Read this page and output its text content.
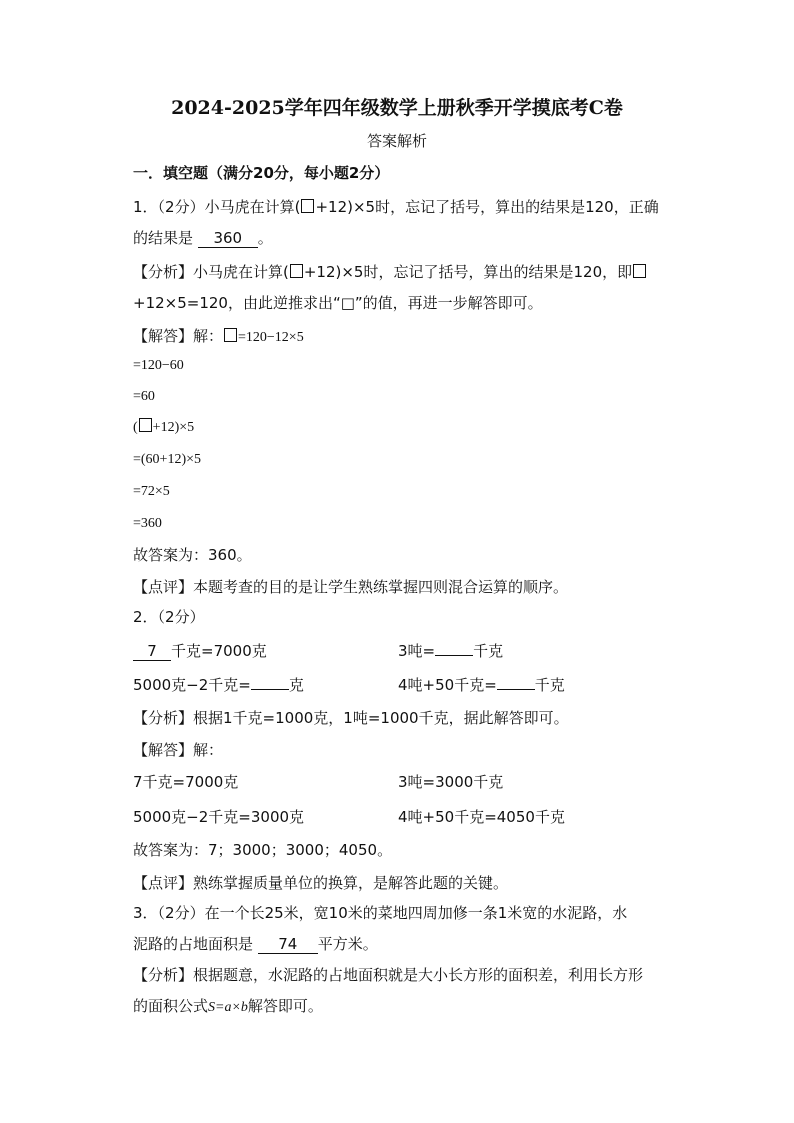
2024-2025学年四年级数学上册秋季开学摸底考C卷
答案解析
一．填空题（满分20分，每小题2分）
1．（2分）小马虎在计算( +12)×5时，忘记了括号，算出的结果是120，正确
的结果是 360 。
【分析】小马虎在计算( +12)×5时，忘记了括号，算出的结果是120，即
+12×5=120，由此逆推求出“□”的值，再进一步解答即可。
【解答】解： =120−12×5
=120−60
=60
( +12)×5
=(60+12)×5
=72×5
=360
故答案为：360。
【点评】本题考查的目的是让学生熟练掌握四则混合运算的顺序。
2．（2分）
7 千克=7000克	3吨=	千克
5000克−2千克=	克	4吨+50千克=	千克
【分析】根据1千克=1000克，1吨=1000千克，据此解答即可。
【解答】解：
7千克=7000克	3吨=3000千克
5000克−2千克=3000克	4吨+50千克=4050千克
故答案为：7；3000；3000；4050。
【点评】熟练掌握质量单位的换算，是解答此题的关键。
3．（2分）在一个长25米，宽10米的菜地四周加修一条1米宽的水泥路，水
泥路的占地面积是 74 平方米。
【分析】根据题意，水泥路的占地面积就是大小长方形的面积差，利用长方形
的面积公式S=a×b解答即可。
